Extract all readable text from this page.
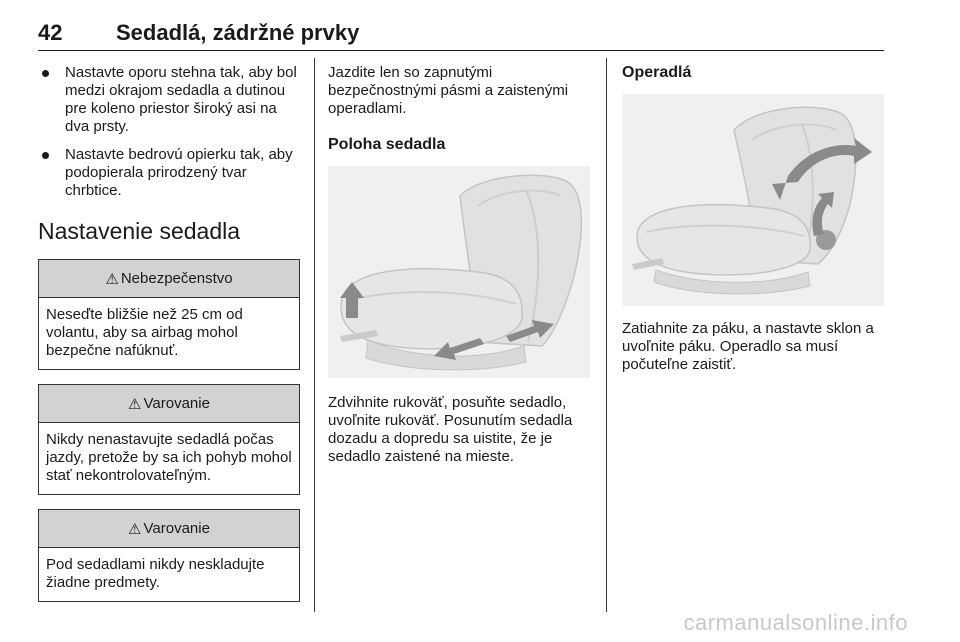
42 Sedadlá, zádržné prvky
Nastavte oporu stehna tak, aby bol medzi okrajom sedadla a dutinou pre koleno priestor široký asi na dva prsty.
Nastavte bedrovú opierku tak, aby podopierala prirodzený tvar chrbtice.
Nastavenie sedadla
⚠ Nebezpečenstvo
Neseďte bližšie než 25 cm od volantu, aby sa airbag mohol bezpečne nafúknuť.
⚠ Varovanie
Nikdy nenastavujte sedadlá počas jazdy, pretože by sa ich pohyb mohol stať nekontrolovateľným.
⚠ Varovanie
Pod sedadlami nikdy neskladujte žiadne predmety.

Jazdite len so zapnutými bezpečnostnými pásmi a zaistenými operadlami.

Poloha sedadla

Zdvihnite rukoväť, posuňte sedadlo, uvoľnite rukoväť. Posunutím sedadla dozadu a dopredu sa uistite, že je sedadlo zaistené na mieste.

Operadlá

Zatiahnite za páku, a nastavte sklon a uvoľnite páku. Operadlo sa musí počuteľne zaistiť.

carmanualsonline.info
